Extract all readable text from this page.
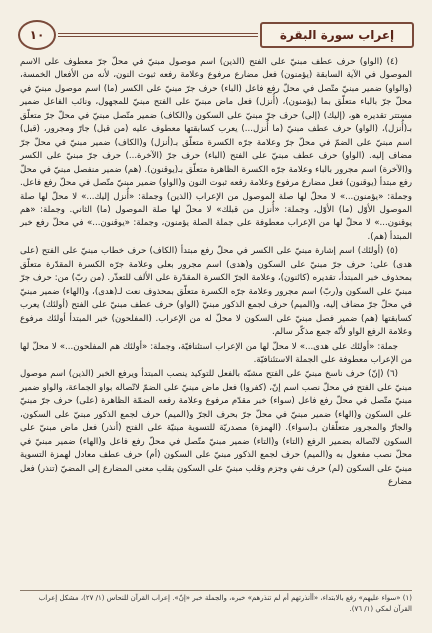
إعراب سورة البقرة
١٠

(٤) (الواو) حرف عطف مبنيّ على الفتح (الذين) اسم موصول مبنيّ في محلّ جرّ معطوف على الاسم الموصول في الآية السابقة (يؤمنون) فعل مضارع مرفوع وعلامة رفعه ثبوت النون، لأنه من الأفعال الخمسة، (والواو) ضمير مبنيّ متّصل في محلّ رفع فاعل (الباء) حرف جرّ مبنيّ على الكسر (ما) اسم موصول مبنيّ في محلّ جرّ بالباء متعلّق بما (يؤمنون)، (أُنزل) فعل ماض مبنيّ على الفتح مبنيّ للمجهول، ونائب الفاعل ضمير مستتر تقديره هو، (إليك) (إلى) حرف جرّ مبنيّ على السكون و(الكاف) ضمير متّصل مبنيّ في محلّ جرّ متعلّق بـ(أُنزل)، (الواو) حرف عطف مبنيّ (ما أُنزل...) يعرب كسابقتها معطوف عليه (من قبل) جارّ ومجرور، (قبل) اسم مبنيّ على الضمّ في محلّ جرّ وعلامة جرّه الكسرة متعلّق بـ(أنزل) و(الكاف) ضمير مبنيّ في محلّ جرّ مضاف إليه. (الواو) حرف عطف مبنيّ على الفتح (الباء) حرف جرّ (الآخرة...) حرف جرّ مبنيّ على الكسر و(الآخرة) اسم مجرور بالباء وعلامة جرّه الكسرة الظاهرة متعلّق بـ(يوقنون). (هم) ضمير منفصل مبنيّ في محلّ رفع مبتدأ (يوقنون) فعل مضارع مرفوع وعلامة رفعه ثبوت النون و(الواو) ضمير مبنيّ متّصل في محلّ رفع فاعل. وجملة: «يؤمنون...» لا محلّ لها صلة الموصول من الإعراب (الذين) وجملة: «أُنزل إليك...» لا محلّ لها صلة الموصول الأوّل (ما) الأوّل، وجملة: «أُنزل من قبلك» لا محلّ لها صلة الموصول (ما) الثاني. وجملة: «هم يوقنون...» لا محلّ لها من الإعراب معطوفة على جملة الصلة يؤمنون، وجملة: «يوقنون...» في محلّ رفع خبر المبتدأ (هم).

(٥) (أولئك) اسم إشارة مبنيّ على الكسر في محلّ رفع مبتدأ (الكاف) حرف خطاب مبنيّ على الفتح (على هدى) على: حرف جرّ مبنيّ على السكون و(هدى) اسم مجرور بعلى وعلامة جرّه الكسرة المقدّرة متعلّق بمحذوف خبر المبتدأ، تقديره (كائنون)، وعلامة الجرّ الكسرة المقدّرة على الألف للتعذّر. (من ربّ) من: حرف جرّ مبنيّ على السكون و(ربّ) اسم مجرور وعلامة جرّه الكسرة متعلّق بمحذوف نعت لـ(هدى)، و(الهاء) ضمير مبنيّ في محلّ جرّ مضاف إليه، و(الميم) حرف لجمع الذكور مبنيّ (الواو) حرف عطف مبنيّ على الفتح (أولئك) يعرب كسابقتها (هم) ضمير فصل مبنيّ على السكون لا محلّ له من الإعراب. (المفلحون) خبر المبتدأ أولئك مرفوع وعلامة الرفع الواو لأنّه جمع مذكّر سالم.

جملة: «أولئك على هدى...» لا محلّ لها من الإعراب استئنافيّة، وجملة: «أولئك هم المفلحون...» لا محلّ لها من الإعراب معطوفة على الجملة الاستئنافيّة.

(٦) (إنّ) حرف ناسخ مبنيّ على الفتح مشبّه بالفعل للتوكيد ينصب المبتدأ ويرفع الخبر (الذين) اسم موصول مبنيّ على الفتح في محلّ نصب اسم إنّ، (كفروا) فعل ماض مبنيّ على الضمّ لاتّصاله بواو الجماعة، والواو ضمير مبنيّ متّصل في محلّ رفع فاعل (سواء) خبر مقدّم مرفوع وعلامة رفعه الضمّة الظاهرة (على) حرف جرّ مبنيّ على السكون و(الهاء) ضمير مبنيّ في محلّ جرّ بحرف الجرّ و(الميم) حرف لجمع الذكور مبنيّ على السكون، والجارّ والمجرور متعلّقان بـ(سواء). (الهمزة) مصدريّة للتسوية مبنيّة على الفتح (أنذر) فعل ماض مبنيّ على السكون لاتّصاله بضمير الرفع (التاء) و(التاء) ضمير مبنيّ متّصل في محلّ رفع فاعل و(الهاء) ضمير مبنيّ في محلّ نصب مفعول به و(الميم) حرف لجمع الذكور مبنيّ على السكون (أم) حرف عطف معادل لهمزة التسوية مبنيّ على السكون (لم) حرف نفي وجزم وقلب مبنيّ على السكون يقلب معنى المضارع إلى المضيّ (تنذر) فعل مضارع

(١) «سواء عليهم» رفع بالابتداء، «أأنذرتهم أم لم تنذرهم» خبره، والجملة خبر «إنّ». إعراب القرآن للنحاس (١/ ٢٧)، مشكل إعراب القرآن لمكي (١/ ٧٦).
